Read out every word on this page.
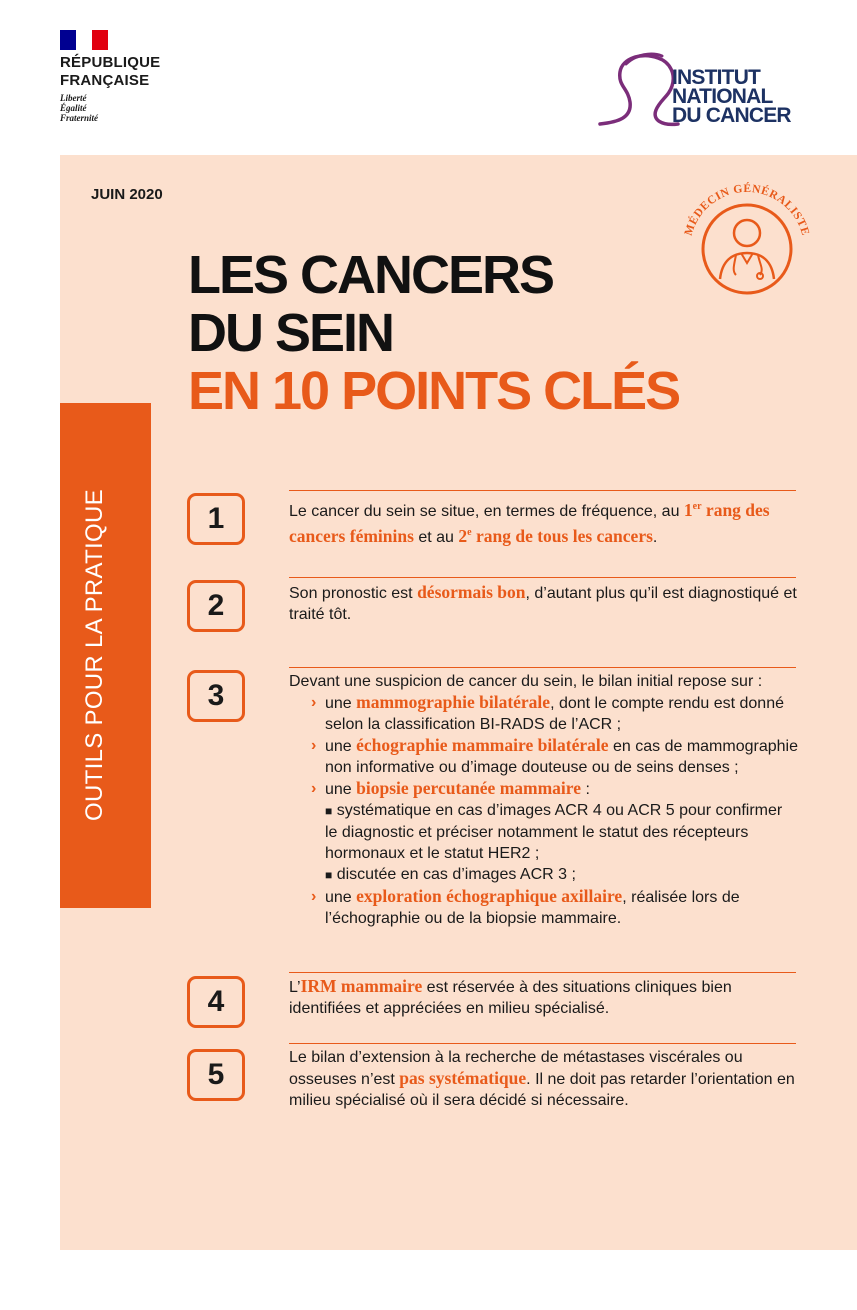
RÉPUBLIQUE
FRANÇAISE
Liberté
Égalité
Fraternité
INSTITUT
NATIONAL
DU CANCER
JUIN 2020
MÉDECIN GÉNÉRALISTE
LES CANCERS
DU SEIN
EN 10 POINTS CLÉS
OUTILS POUR LA PRATIQUE	1	Le cancer du sein se situe, en termes de fréquence, au 1er rang des cancers féminins et au 2e rang de tous les cancers.
2	Son pronostic est désormais bon, d’autant plus qu’il est diagnostiqué et traité tôt.
3	Devant une suspicion de cancer du sein, le bilan initial repose sur :
› une mammographie bilatérale, dont le compte rendu est donné selon la classification BI-RADS de l’ACR ;
› une échographie mammaire bilatérale en cas de mammographie non informative ou d’image douteuse ou de seins denses ;
› une biopsie percutanée mammaire :
■ systématique en cas d’images ACR 4 ou ACR 5 pour confirmer le diagnostic et préciser notamment le statut des récepteurs hormonaux et le statut HER2 ;
■ discutée en cas d’images ACR 3 ;
› une exploration échographique axillaire, réalisée lors de l’échographie ou de la biopsie mammaire.
4	L’IRM mammaire est réservée à des situations cliniques bien identifiées et appréciées en milieu spécialisé.
5
Le bilan d’extension à la recherche de métastases viscérales ou osseuses n’est pas systématique. Il ne doit pas retarder l’orientation en milieu spécialisé où il sera décidé si nécessaire.
